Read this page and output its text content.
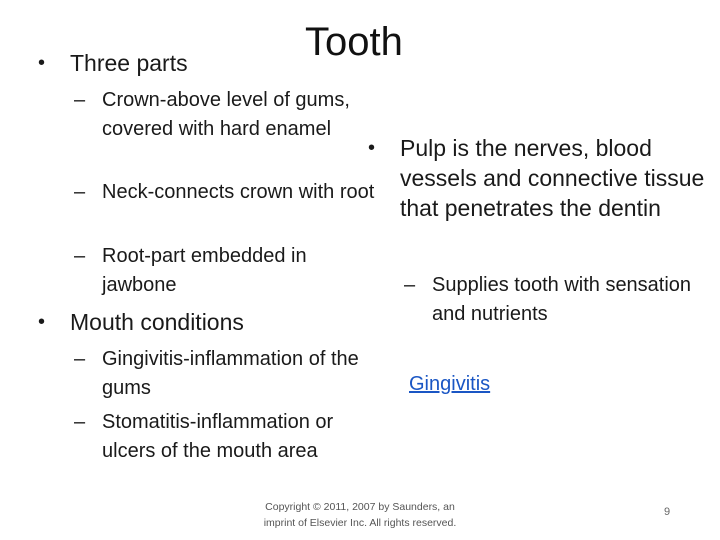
Tooth
• Three parts
– Crown-above level of gums, covered with hard enamel
– Neck-connects crown with root
– Root-part embedded in jawbone
• Mouth conditions
– Gingivitis-inflammation of the gums
– Stomatitis-inflammation or ulcers of the mouth area
• Pulp is the nerves, blood vessels and connective tissue that penetrates the dentin
– Supplies tooth with sensation and nutrients
Gingivitis
Copyright © 2011, 2007 by Saunders, an imprint of Elsevier Inc. All rights reserved.
9
